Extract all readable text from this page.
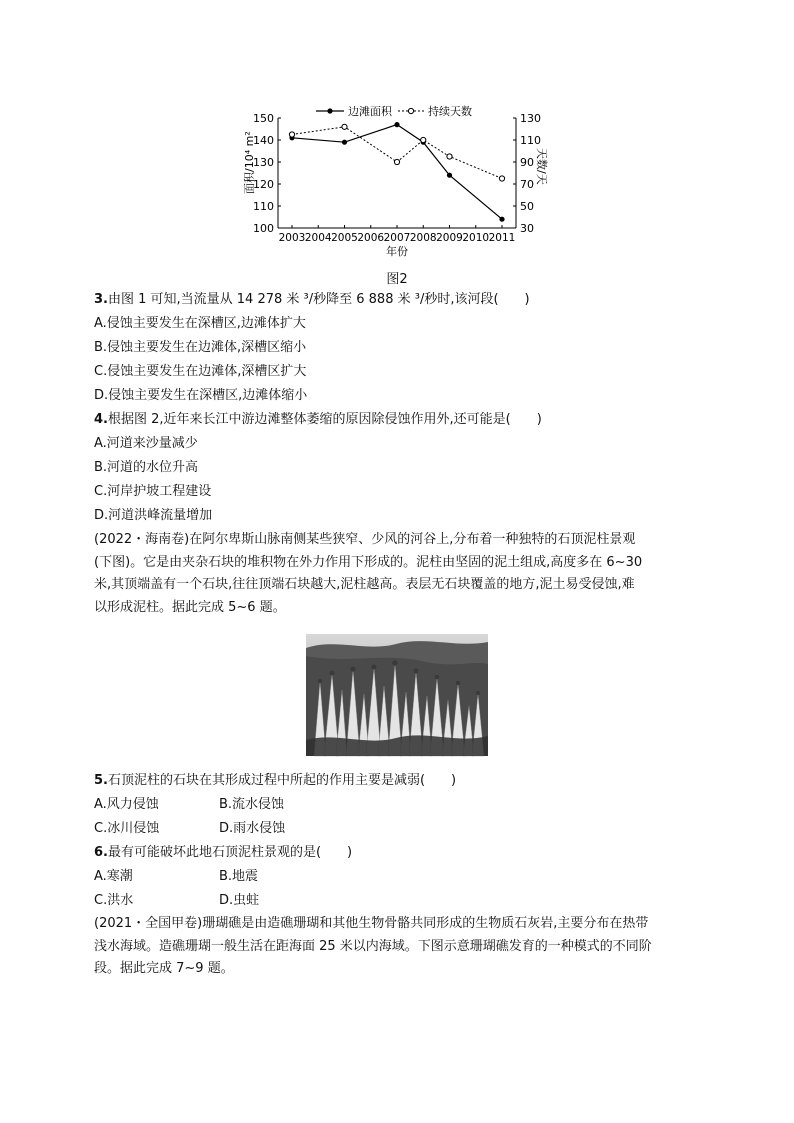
边滩面积	持续天数
100
110
120
130
140
150
30
50
70
90
110
130
2003 2004 2005 2006 2007 2008 2009 2010 2011
面积/10⁴ m²	天数/天
年份
图2
3.由图 1 可知,当流量从 14 278 米 ³/秒降至 6 888 米 ³/秒时,该河段(　　)
A.侵蚀主要发生在深槽区,边滩体扩大
B.侵蚀主要发生在边滩体,深槽区缩小
C.侵蚀主要发生在边滩体,深槽区扩大
D.侵蚀主要发生在深槽区,边滩体缩小
4.根据图 2,近年来长江中游边滩整体萎缩的原因除侵蚀作用外,还可能是(　　)
A.河道来沙量减少
B.河道的水位升高
C.河岸护坡工程建设
D.河道洪峰流量增加
(2022・海南卷)在阿尔卑斯山脉南侧某些狭窄、少风的河谷上,分布着一种独特的石顶泥柱景观
(下图)。它是由夹杂石块的堆积物在外力作用下形成的。泥柱由坚固的泥土组成,高度多在 6~30
米,其顶端盖有一个石块,往往顶端石块越大,泥柱越高。表层无石块覆盖的地方,泥土易受侵蚀,难
以形成泥柱。据此完成 5~6 题。
5.石顶泥柱的石块在其形成过程中所起的作用主要是减弱(　　)
A.风力侵蚀	B.流水侵蚀
C.冰川侵蚀	D.雨水侵蚀
6.最有可能破坏此地石顶泥柱景观的是(　　)
A.寒潮	B.地震
C.洪水	D.虫蛀
(2021・全国甲卷)珊瑚礁是由造礁珊瑚和其他生物骨骼共同形成的生物质石灰岩,主要分布在热带
浅水海域。造礁珊瑚一般生活在距海面 25 米以内海域。下图示意珊瑚礁发育的一种模式的不同阶
段。据此完成 7~9 题。
